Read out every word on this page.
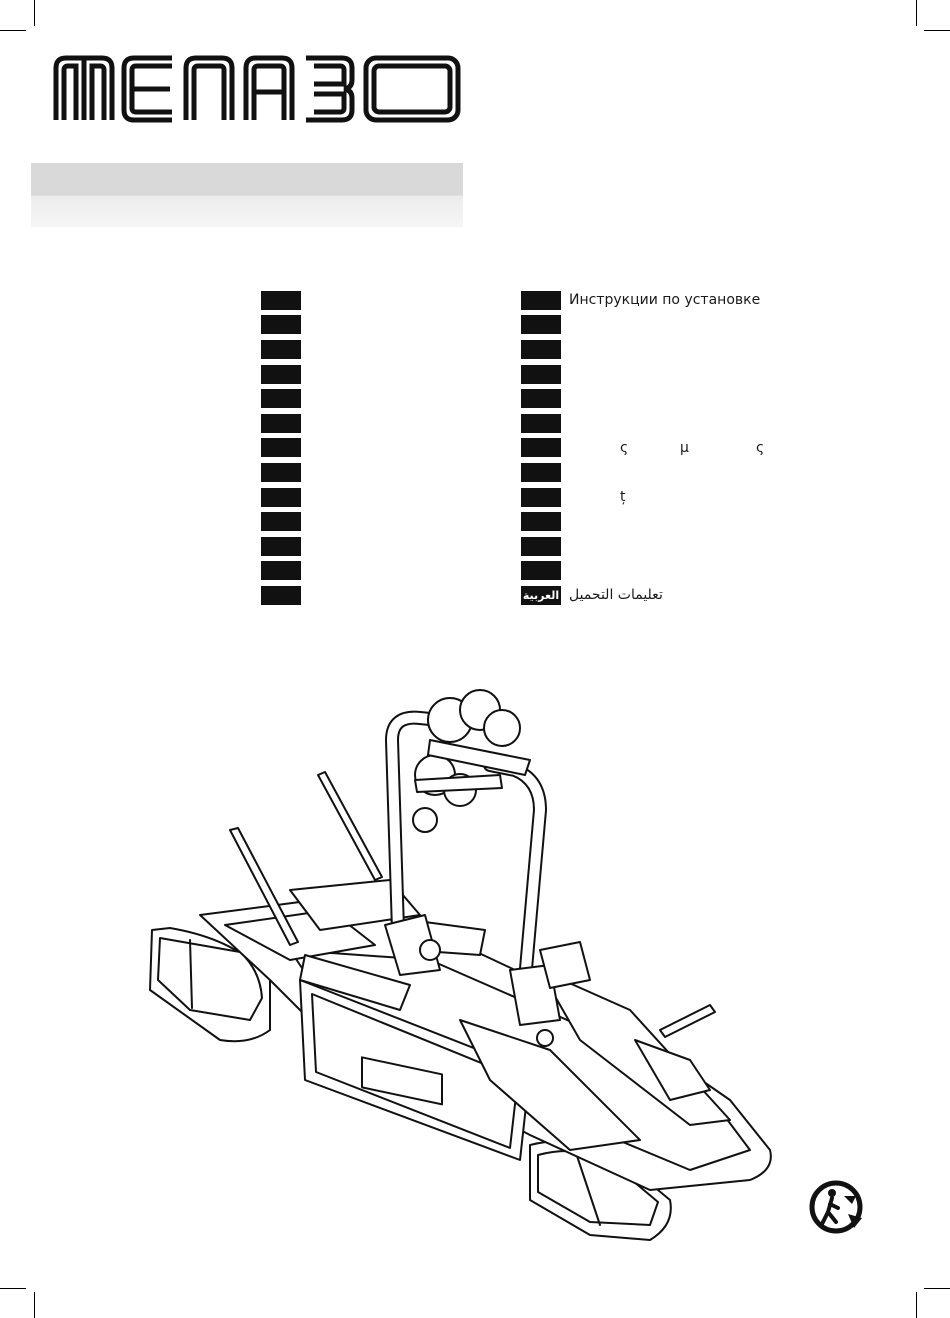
Инструкции по установке
ς	µ	ς
ț
العربية تعليمات التحميل
